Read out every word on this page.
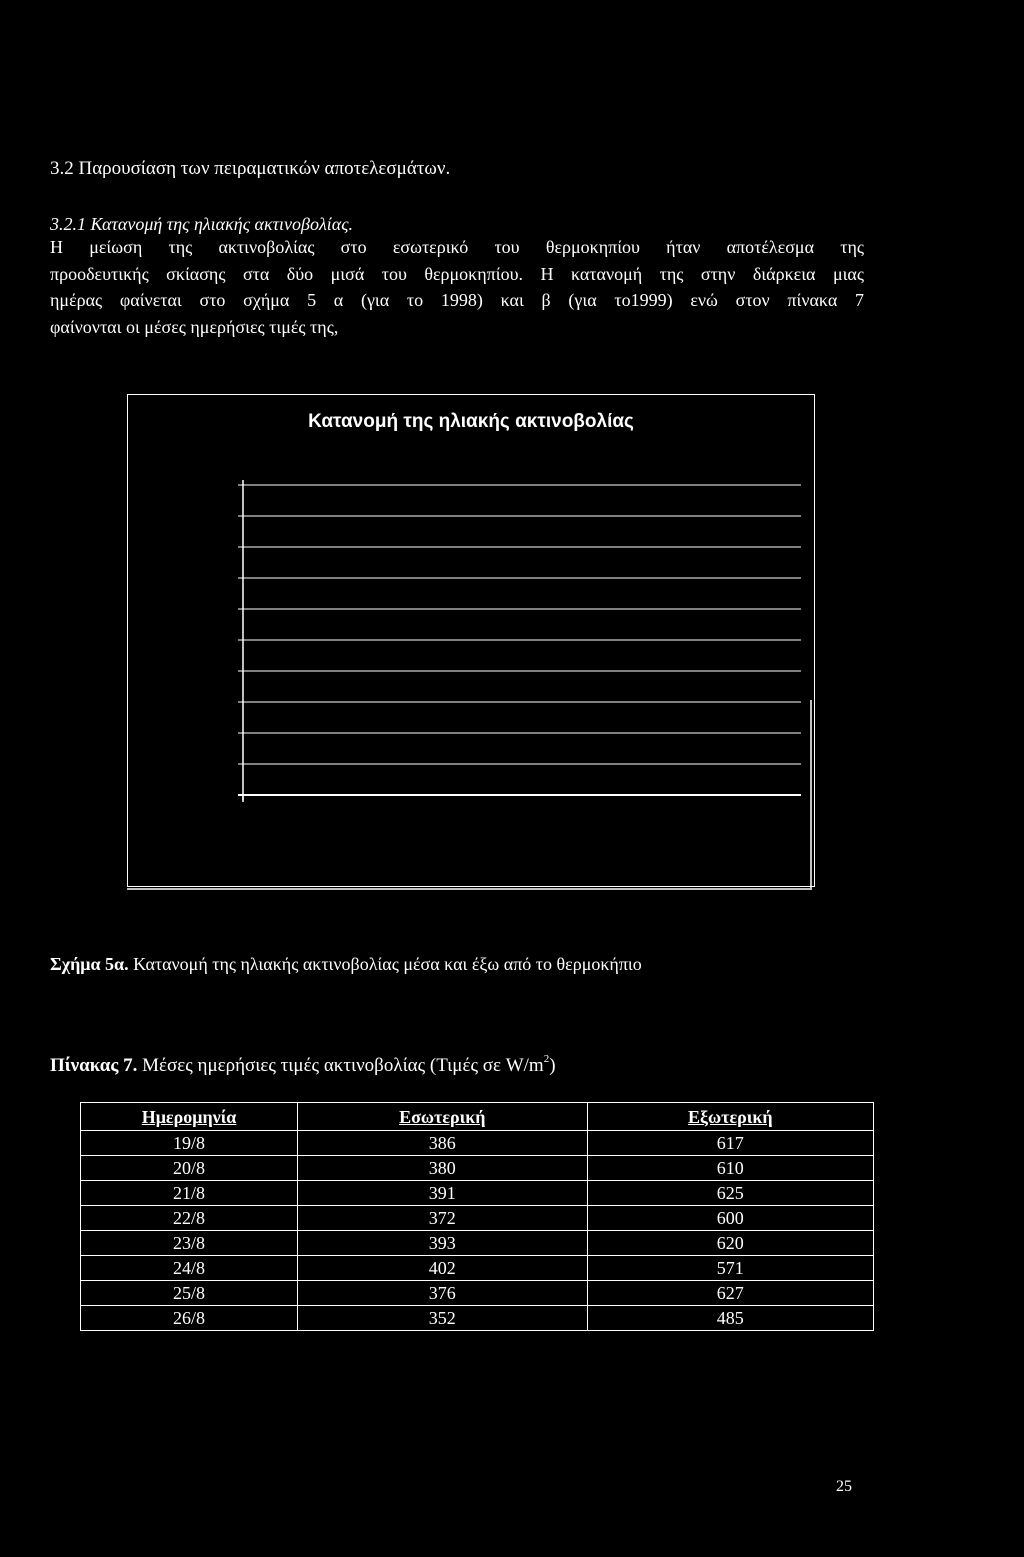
3.2 Παρουσίαση των πειραματικών αποτελεσμάτων.
3.2.1 Κατανομή της ηλιακής ακτινοβολίας.
Η μείωση της ακτινοβολίας στο εσωτερικό του θερμοκηπίου ήταν αποτέλεσμα της
προοδευτικής σκίασης στα δύο μισά του θερμοκηπίου. Η κατανομή της στην διάρκεια μιας
ημέρας φαίνεται στο σχήμα 5 α (για το 1998) και β (για το1999) ενώ στον πίνακα 7
φαίνονται οι μέσες ημερήσιες τιμές της,
Κατανομή της ηλιακής ακτινοβολίας
Σχήμα 5α. Κατανομή της ηλιακής ακτινοβολίας μέσα και έξω από το θερμοκήπιο
Πίνακας 7. Μέσες ημερήσιες τιμές ακτινοβολίας (Τιμές σε $W/m^2$)
Ημερομηνία	Εσωτερική	Εξωτερική
19/8	386	617
20/8	380	610
21/8	391	625
22/8	372	600
23/8	393	620
24/8	402	571
25/8	376	627
26/8	352	485
25
